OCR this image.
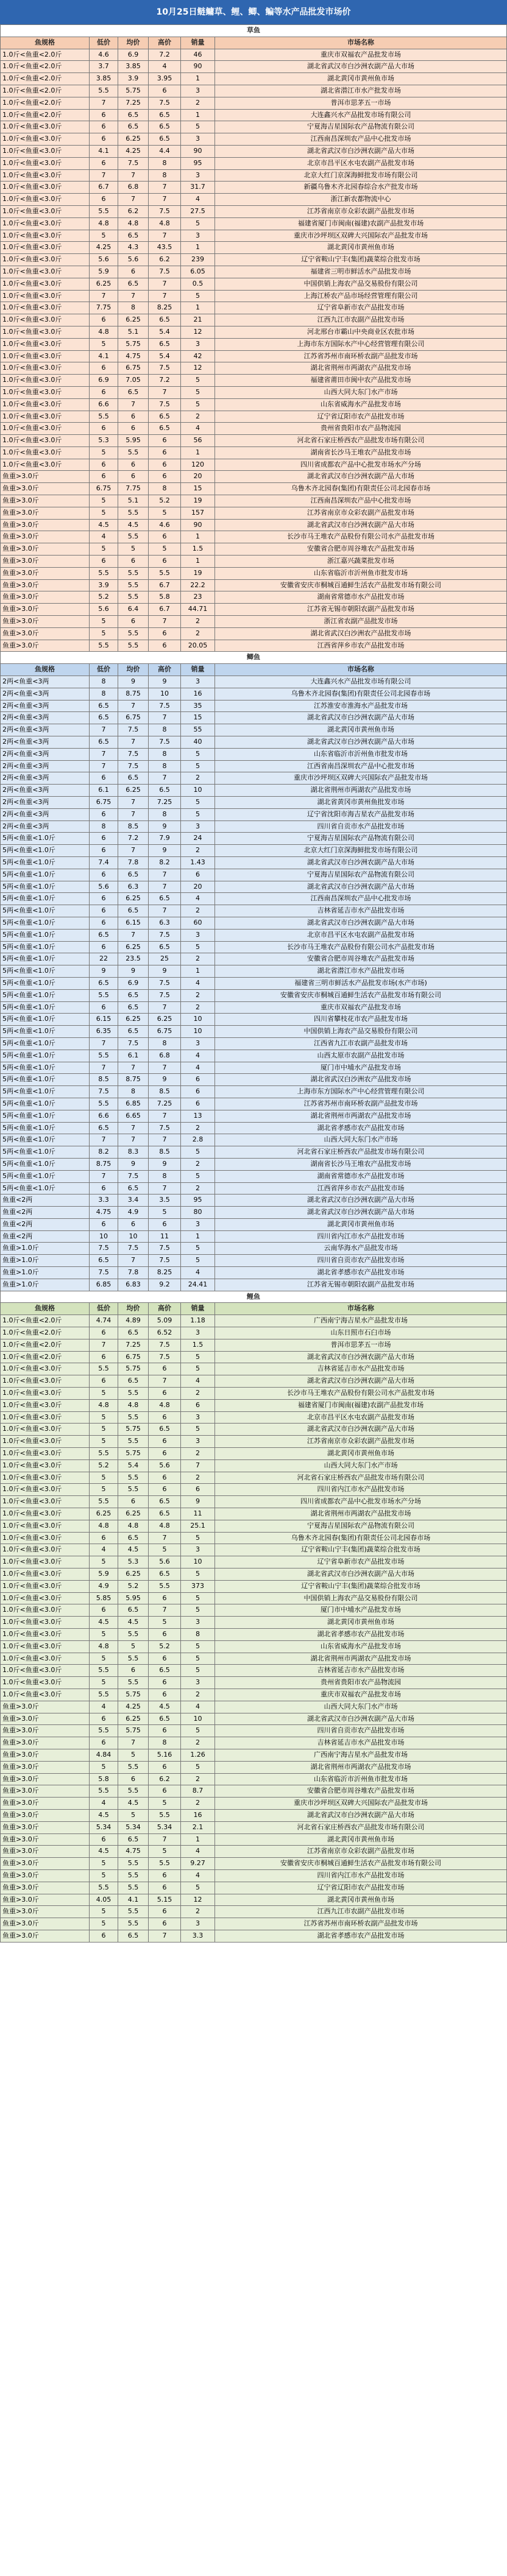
10月25日鲢鳙草、鲤、鲫、鳊等水产品批发市场价
草鱼					
鱼规格	低价	均价	高价	销量	市场名称
1.0斤<鱼重<2.0斤	4.6	6.9	7.2	46	重庆市双福农产品批发市场
1.0斤<鱼重<2.0斤	3.7	3.85	4	90	湖北省武汉市白沙洲农副产品大市场
1.0斤<鱼重<2.0斤	3.85	3.9	3.95	1	湖北黄冈市黄州鱼市场
1.0斤<鱼重<2.0斤	5.5	5.75	6	3	湖北省潜江市水产批发市场
1.0斤<鱼重<2.0斤	7	7.25	7.5	2	普洱市思茅五一市场
1.0斤<鱼重<2.0斤	6	6.5	6.5	1	大连鑫兴水产品批发市场有限公司
1.0斤<鱼重<3.0斤	6	6.5	6.5	5	宁夏海吉星国际农产品物流有限公司
1.0斤<鱼重<3.0斤	6	6.25	6.5	3	江西南昌深圳农产品中心批发市场
1.0斤<鱼重<3.0斤	4.1	4.25	4.4	90	湖北省武汉市白沙洲农副产品大市场
1.0斤<鱼重<3.0斤	6	7.5	8	95	北京市昌平区水屯农副产品批发市场
1.0斤<鱼重<3.0斤	7	7	8	3	北京大红门京深海鲜批发市场有限公司
1.0斤<鱼重<3.0斤	6.7	6.8	7	31.7	新疆乌鲁木齐北园春综合水产批发市场
1.0斤<鱼重<3.0斤	6	7	7	4	浙江新农都物流中心
1.0斤<鱼重<3.0斤	5.5	6.2	7.5	27.5	江苏省南京市众彩农副产品批发市场
1.0斤<鱼重<3.0斤	4.8	4.8	4.8	5	福建省厦门市闽南(福建)农副产品批发市场
1.0斤<鱼重<3.0斤	5	6.5	7	3	重庆市沙坪坝区双碑大兴国际农产品批发市场
1.0斤<鱼重<3.0斤	4.25	4.3	43.5	1	湖北黄冈市黄州鱼市场
1.0斤<鱼重<3.0斤	5.6	5.6	6.2	239	辽宁省鞍山宁丰(集团)蔬菜综合批发市场
1.0斤<鱼重<3.0斤	5.9	6	7.5	6.05	福建省三明市鲜活水产品批发市场
1.0斤<鱼重<3.0斤	6.25	6.5	7	0.5	中国供销上海农产品交易股份有限公司
1.0斤<鱼重<3.0斤	7	7	7	5	上海江桥农产品市场经营管理有限公司
1.0斤<鱼重<3.0斤	7.75	8	8.25	1	辽宁省阜新市农产品批发市场
1.0斤<鱼重<3.0斤	6	6.25	6.5	21	江西九江市农副产品批发市场
1.0斤<鱼重<3.0斤	4.8	5.1	5.4	12	河北邢台市霸山中央商业区农批市场
1.0斤<鱼重<3.0斤	5	5.75	6.5	3	上海市东方国际水产中心经营管理有限公司
1.0斤<鱼重<3.0斤	4.1	4.75	5.4	42	江苏省苏州市南环桥农副产品批发市场
1.0斤<鱼重<3.0斤	6	6.75	7.5	12	湖北省荆州市两湖农产品批发市场
1.0斤<鱼重<3.0斤	6.9	7.05	7.2	5	福建省莆田市闽中农产品批发市场
1.0斤<鱼重<3.0斤	6	6.5	7	5	山西大同大东门水产市场
1.0斤<鱼重<3.0斤	6.6	7	7.5	5	山东省威海水产品批发市场
1.0斤<鱼重<3.0斤	5.5	6	6.5	2	辽宁省辽阳市农产品批发市场
1.0斤<鱼重<3.0斤	6	6	6.5	4	贵州省贵阳市农产品物流园
1.0斤<鱼重<3.0斤	5.3	5.95	6	56	河北省石家庄桥西农产品批发市场有限公司
1.0斤<鱼重<3.0斤	5	5.5	6	1	湖南省长沙马王堆农产品批发市场
1.0斤<鱼重<3.0斤	6	6	6	120	四川省成都农产品中心批发市场水产分场
鱼重>3.0斤	6	6	6	20	湖北省武汉市白沙洲农副产品大市场
鱼重>3.0斤	6.75	7.75	8	15	乌鲁木齐北园春(集团)有限责任公司北园春市场
鱼重>3.0斤	5	5.1	5.2	19	江西南昌深圳农产品中心批发市场
鱼重>3.0斤	5	5.5	5	157	江苏省南京市众彩农副产品批发市场
鱼重>3.0斤	4.5	4.5	4.6	90	湖北省武汉市白沙洲农副产品大市场
鱼重>3.0斤	4	5.5	6	1	长沙市马王堆农产品股份有限公司水产品批发市场
鱼重>3.0斤	5	5	5	1.5	安徽省合肥市周谷堆农产品批发市场
鱼重>3.0斤	6	6	6	1	浙江嘉兴蔬菜批发市场
鱼重>3.0斤	5.5	5.5	5.5	19	山东省临沂市沂州鱼市批发市场
鱼重>3.0斤	3.9	5.5	6.7	22.2	安徽省安庆市桐城百通鲜生活农产品批发市场有限公司
鱼重>3.0斤	5.2	5.5	5.8	23	湖南省常德市水产品批发市场
鱼重>3.0斤	5.6	6.4	6.7	44.71	江苏省无锡市朝阳农副产品批发市场
鱼重>3.0斤	5	6	7	2	浙江省农副产品批发市场
鱼重>3.0斤	5	5.5	6	2	湖北省武汉白沙洲农产品批发市场
鱼重>3.0斤	5.5	5.5	6	20.05	江西省萍乡市农产品批发市场
鲫鱼					
鱼规格	低价	均价	高价	销量	市场名称
2两<鱼重<3两	8	9	9	3	大连鑫兴水产品批发市场有限公司
2两<鱼重<3两	8	8.75	10	16	乌鲁木齐北园春(集团)有限责任公司北园春市场
2两<鱼重<3两	6.5	7	7.5	35	江苏淮安市淮海水产品批发市场
2两<鱼重<3两	6.5	6.75	7	15	湖北省武汉市白沙洲农副产品大市场
2两<鱼重<3两	7	7.5	8	55	湖北黄冈市黄州鱼市场
2两<鱼重<3两	6.5	7	7.5	40	湖北省武汉市白沙洲农副产品大市场
2两<鱼重<3两	7	7.5	8	5	山东省临沂市沂州鱼市批发市场
2两<鱼重<3两	7	7.5	8	5	江西省南昌深圳农产品中心批发市场
2两<鱼重<3两	6	6.5	7	2	重庆市沙坪坝区双碑大兴国际农产品批发市场
2两<鱼重<3两	6.1	6.25	6.5	10	湖北省荆州市两湖农产品批发市场
2两<鱼重<3两	6.75	7	7.25	5	湖北省黄冈市黄州鱼批发市场
2两<鱼重<3两	6	7	8	5	辽宁省沈阳市海吉星农产品批发市场
2两<鱼重<3两	8	8.5	9	3	四川省自贡市水产品批发市场
5两<鱼重<1.0斤	6	7.2	7.9	24	宁夏海吉星国际农产品物流有限公司
5两<鱼重<1.0斤	6	7	9	2	北京大红门京深海鲜批发市场有限公司
5两<鱼重<1.0斤	7.4	7.8	8.2	1.43	湖北省武汉市白沙洲农副产品大市场
5两<鱼重<1.0斤	6	6.5	7	6	宁夏海吉星国际农产品物流有限公司
5两<鱼重<1.0斤	5.6	6.3	7	20	湖北省武汉市白沙洲农副产品大市场
5两<鱼重<1.0斤	6	6.25	6.5	4	江西南昌深圳农产品中心批发市场
5两<鱼重<1.0斤	6	6.5	7	2	吉林省延吉市水产品批发市场
5两<鱼重<1.0斤	6	6.15	6.3	60	湖北省武汉市白沙洲农副产品大市场
5两<鱼重<1.0斤	6.5	7	7.5	3	北京市昌平区水屯农副产品批发市场
5两<鱼重<1.0斤	6	6.25	6.5	5	长沙市马王堆农产品股份有限公司水产品批发市场
5两<鱼重<1.0斤	22	23.5	25	2	安徽省合肥市周谷堆农产品批发市场
5两<鱼重<1.0斤	9	9	9	1	湖北省潜江市水产品批发市场
5两<鱼重<1.0斤	6.5	6.9	7.5	4	福建省三明市鲜活水产品批发市场(水产市场)
5两<鱼重<1.0斤	5.5	6.5	7.5	2	安徽省安庆市桐城百通鲜生活农产品批发市场有限公司
5两<鱼重<1.0斤	6	6.5	7	2	重庆市双福农产品批发市场
5两<鱼重<1.0斤	6.15	6.25	6.25	10	四川省攀枝花市农产品批发市场
5两<鱼重<1.0斤	6.35	6.5	6.75	10	中国供销上海农产品交易股份有限公司
5两<鱼重<1.0斤	7	7.5	8	3	江西省九江市农副产品批发市场
5两<鱼重<1.0斤	5.5	6.1	6.8	4	山西太原市农副产品批发市场
5两<鱼重<1.0斤	7	7	7	4	厦门市中埔水产品批发市场
5两<鱼重<1.0斤	8.5	8.75	9	6	湖北省武汉白沙洲农产品批发市场
5两<鱼重<1.0斤	7.5	8	8.5	6	上海市东方国际水产中心经营管理有限公司
5两<鱼重<1.0斤	5.5	6.85	7.25	6	江苏省苏州市南环桥农副产品批发市场
5两<鱼重<1.0斤	6.6	6.65	7	13	湖北省荆州市两湖农产品批发市场
5两<鱼重<1.0斤	6.5	7	7.5	2	湖北省孝感市农产品批发市场
5两<鱼重<1.0斤	7	7	7	2.8	山西大同大东门水产市场
5两<鱼重<1.0斤	8.2	8.3	8.5	5	河北省石家庄桥西农产品批发市场有限公司
5两<鱼重<1.0斤	8.75	9	9	2	湖南省长沙马王堆农产品批发市场
5两<鱼重<1.0斤	7	7.5	8	5	湖南省常德市水产品批发市场
5两<鱼重<1.0斤	6	6.5	7	2	江西省萍乡市农产品批发市场
鱼重<2两	3.3	3.4	3.5	95	湖北省武汉市白沙洲农副产品大市场
鱼重<2两	4.75	4.9	5	80	湖北省武汉市白沙洲农副产品大市场
鱼重<2两	6	6	6	3	湖北黄冈市黄州鱼市场
鱼重<2两	10	10	11	1	四川省内江市水产品批发市场
鱼重>1.0斤	7.5	7.5	7.5	5	云南华海水产品批发市场
鱼重>1.0斤	6.5	7	7.5	5	四川省自贡市农产品批发市场
鱼重>1.0斤	7.5	7.8	8.25	4	湖北省孝感市农产品批发市场
鱼重>1.0斤	6.85	6.83	9.2	24.41	江苏省无锡市朝阳农副产品批发市场
鲤鱼					
鱼规格	低价	均价	高价	销量	市场名称
1.0斤<鱼重<2.0斤	4.74	4.89	5.09	1.18	广西南宁海吉星水产品批发市场
1.0斤<鱼重<2.0斤	6	6.5	6.52	3	山东日照市石臼市场
1.0斤<鱼重<2.0斤	7	7.25	7.5	1.5	普洱市思茅五一市场
1.0斤<鱼重<2.0斤	6	6.75	7.5	5	湖北省武汉市白沙洲农副产品大市场
1.0斤<鱼重<3.0斤	5.5	5.75	6	5	吉林省延吉市水产品批发市场
1.0斤<鱼重<3.0斤	6	6.5	7	4	湖北省武汉市白沙洲农副产品大市场
1.0斤<鱼重<3.0斤	5	5.5	6	2	长沙市马王堆农产品股份有限公司水产品批发市场
1.0斤<鱼重<3.0斤	4.8	4.8	4.8	6	福建省厦门市闽南(福建)农副产品批发市场
1.0斤<鱼重<3.0斤	5	5.5	6	3	北京市昌平区水屯农副产品批发市场
1.0斤<鱼重<3.0斤	5	5.75	6.5	5	湖北省武汉市白沙洲农副产品大市场
1.0斤<鱼重<3.0斤	5	5.5	6	3	江苏省南京市众彩农副产品批发市场
1.0斤<鱼重<3.0斤	5.5	5.75	6	2	湖北黄冈市黄州鱼市场
1.0斤<鱼重<3.0斤	5.2	5.4	5.6	7	山西大同大东门水产市场
1.0斤<鱼重<3.0斤	5	5.5	6	2	河北省石家庄桥西农产品批发市场有限公司
1.0斤<鱼重<3.0斤	5	5.5	6	6	四川省内江市水产品批发市场
1.0斤<鱼重<3.0斤	5.5	6	6.5	9	四川省成都农产品中心批发市场水产分场
1.0斤<鱼重<3.0斤	6.25	6.25	6.5	11	湖北省荆州市两湖农产品批发市场
1.0斤<鱼重<3.0斤	4.8	4.8	4.8	25.1	宁夏海吉星国际农产品物流有限公司
1.0斤<鱼重<3.0斤	6	6.5	7	5	乌鲁木齐北园春(集团)有限责任公司北园春市场
1.0斤<鱼重<3.0斤	4	4.5	5	3	辽宁省鞍山宁丰(集团)蔬菜综合批发市场
1.0斤<鱼重<3.0斤	5	5.3	5.6	10	辽宁省阜新市农产品批发市场
1.0斤<鱼重<3.0斤	5.9	6.25	6.5	5	湖北省武汉市白沙洲农副产品大市场
1.0斤<鱼重<3.0斤	4.9	5.2	5.5	373	辽宁省鞍山宁丰(集团)蔬菜综合批发市场
1.0斤<鱼重<3.0斤	5.85	5.95	6	5	中国供销上海农产品交易股份有限公司
1.0斤<鱼重<3.0斤	6	6.5	7	5	厦门市中埔水产品批发市场
1.0斤<鱼重<3.0斤	4.5	4.5	5	3	湖北黄冈市黄州鱼市场
1.0斤<鱼重<3.0斤	5	5.5	6	8	湖北省孝感市农产品批发市场
1.0斤<鱼重<3.0斤	4.8	5	5.2	5	山东省威海水产品批发市场
1.0斤<鱼重<3.0斤	5	5.5	6	5	湖北省荆州市两湖农产品批发市场
1.0斤<鱼重<3.0斤	5.5	6	6.5	5	吉林省延吉市水产品批发市场
1.0斤<鱼重<3.0斤	5	5.5	6	3	贵州省贵阳市农产品物流园
1.0斤<鱼重<3.0斤	5.5	5.75	6	2	重庆市双福农产品批发市场
鱼重>3.0斤	4	4.25	4.5	4	山西大同大东门水产市场
鱼重>3.0斤	6	6.25	6.5	10	湖北省武汉市白沙洲农副产品大市场
鱼重>3.0斤	5.5	5.75	6	5	四川省自贡市农产品批发市场
鱼重>3.0斤	6	7	8	2	吉林省延吉市水产品批发市场
鱼重>3.0斤	4.84	5	5.16	1.26	广西南宁海吉星水产品批发市场
鱼重>3.0斤	5	5.5	6	5	湖北省荆州市两湖农产品批发市场
鱼重>3.0斤	5.8	6	6.2	2	山东省临沂市沂州鱼市批发市场
鱼重>3.0斤	5.5	5.5	6	8.7	安徽省合肥市周谷堆农产品批发市场
鱼重>3.0斤	4	4.5	5	2	重庆市沙坪坝区双碑大兴国际农产品批发市场
鱼重>3.0斤	4.5	5	5.5	16	湖北省武汉市白沙洲农副产品大市场
鱼重>3.0斤	5.34	5.34	5.34	2.1	河北省石家庄桥西农产品批发市场有限公司
鱼重>3.0斤	6	6.5	7	1	湖北黄冈市黄州鱼市场
鱼重>3.0斤	4.5	4.75	5	4	江苏省南京市众彩农副产品批发市场
鱼重>3.0斤	5	5.5	5.5	9.27	安徽省安庆市桐城百通鲜生活农产品批发市场有限公司
鱼重>3.0斤	5	5.5	6	4	四川省内江市水产品批发市场
鱼重>3.0斤	5.5	5.5	6	5	辽宁省辽阳市农产品批发市场
鱼重>3.0斤	4.05	4.1	5.15	12	湖北黄冈市黄州鱼市场
鱼重>3.0斤	5	5.5	6	2	江西九江市农副产品批发市场
鱼重>3.0斤	5	5.5	6	3	江苏省苏州市南环桥农副产品批发市场
鱼重>3.0斤	6	6.5	7	3.3	湖北省孝感市农产品批发市场
